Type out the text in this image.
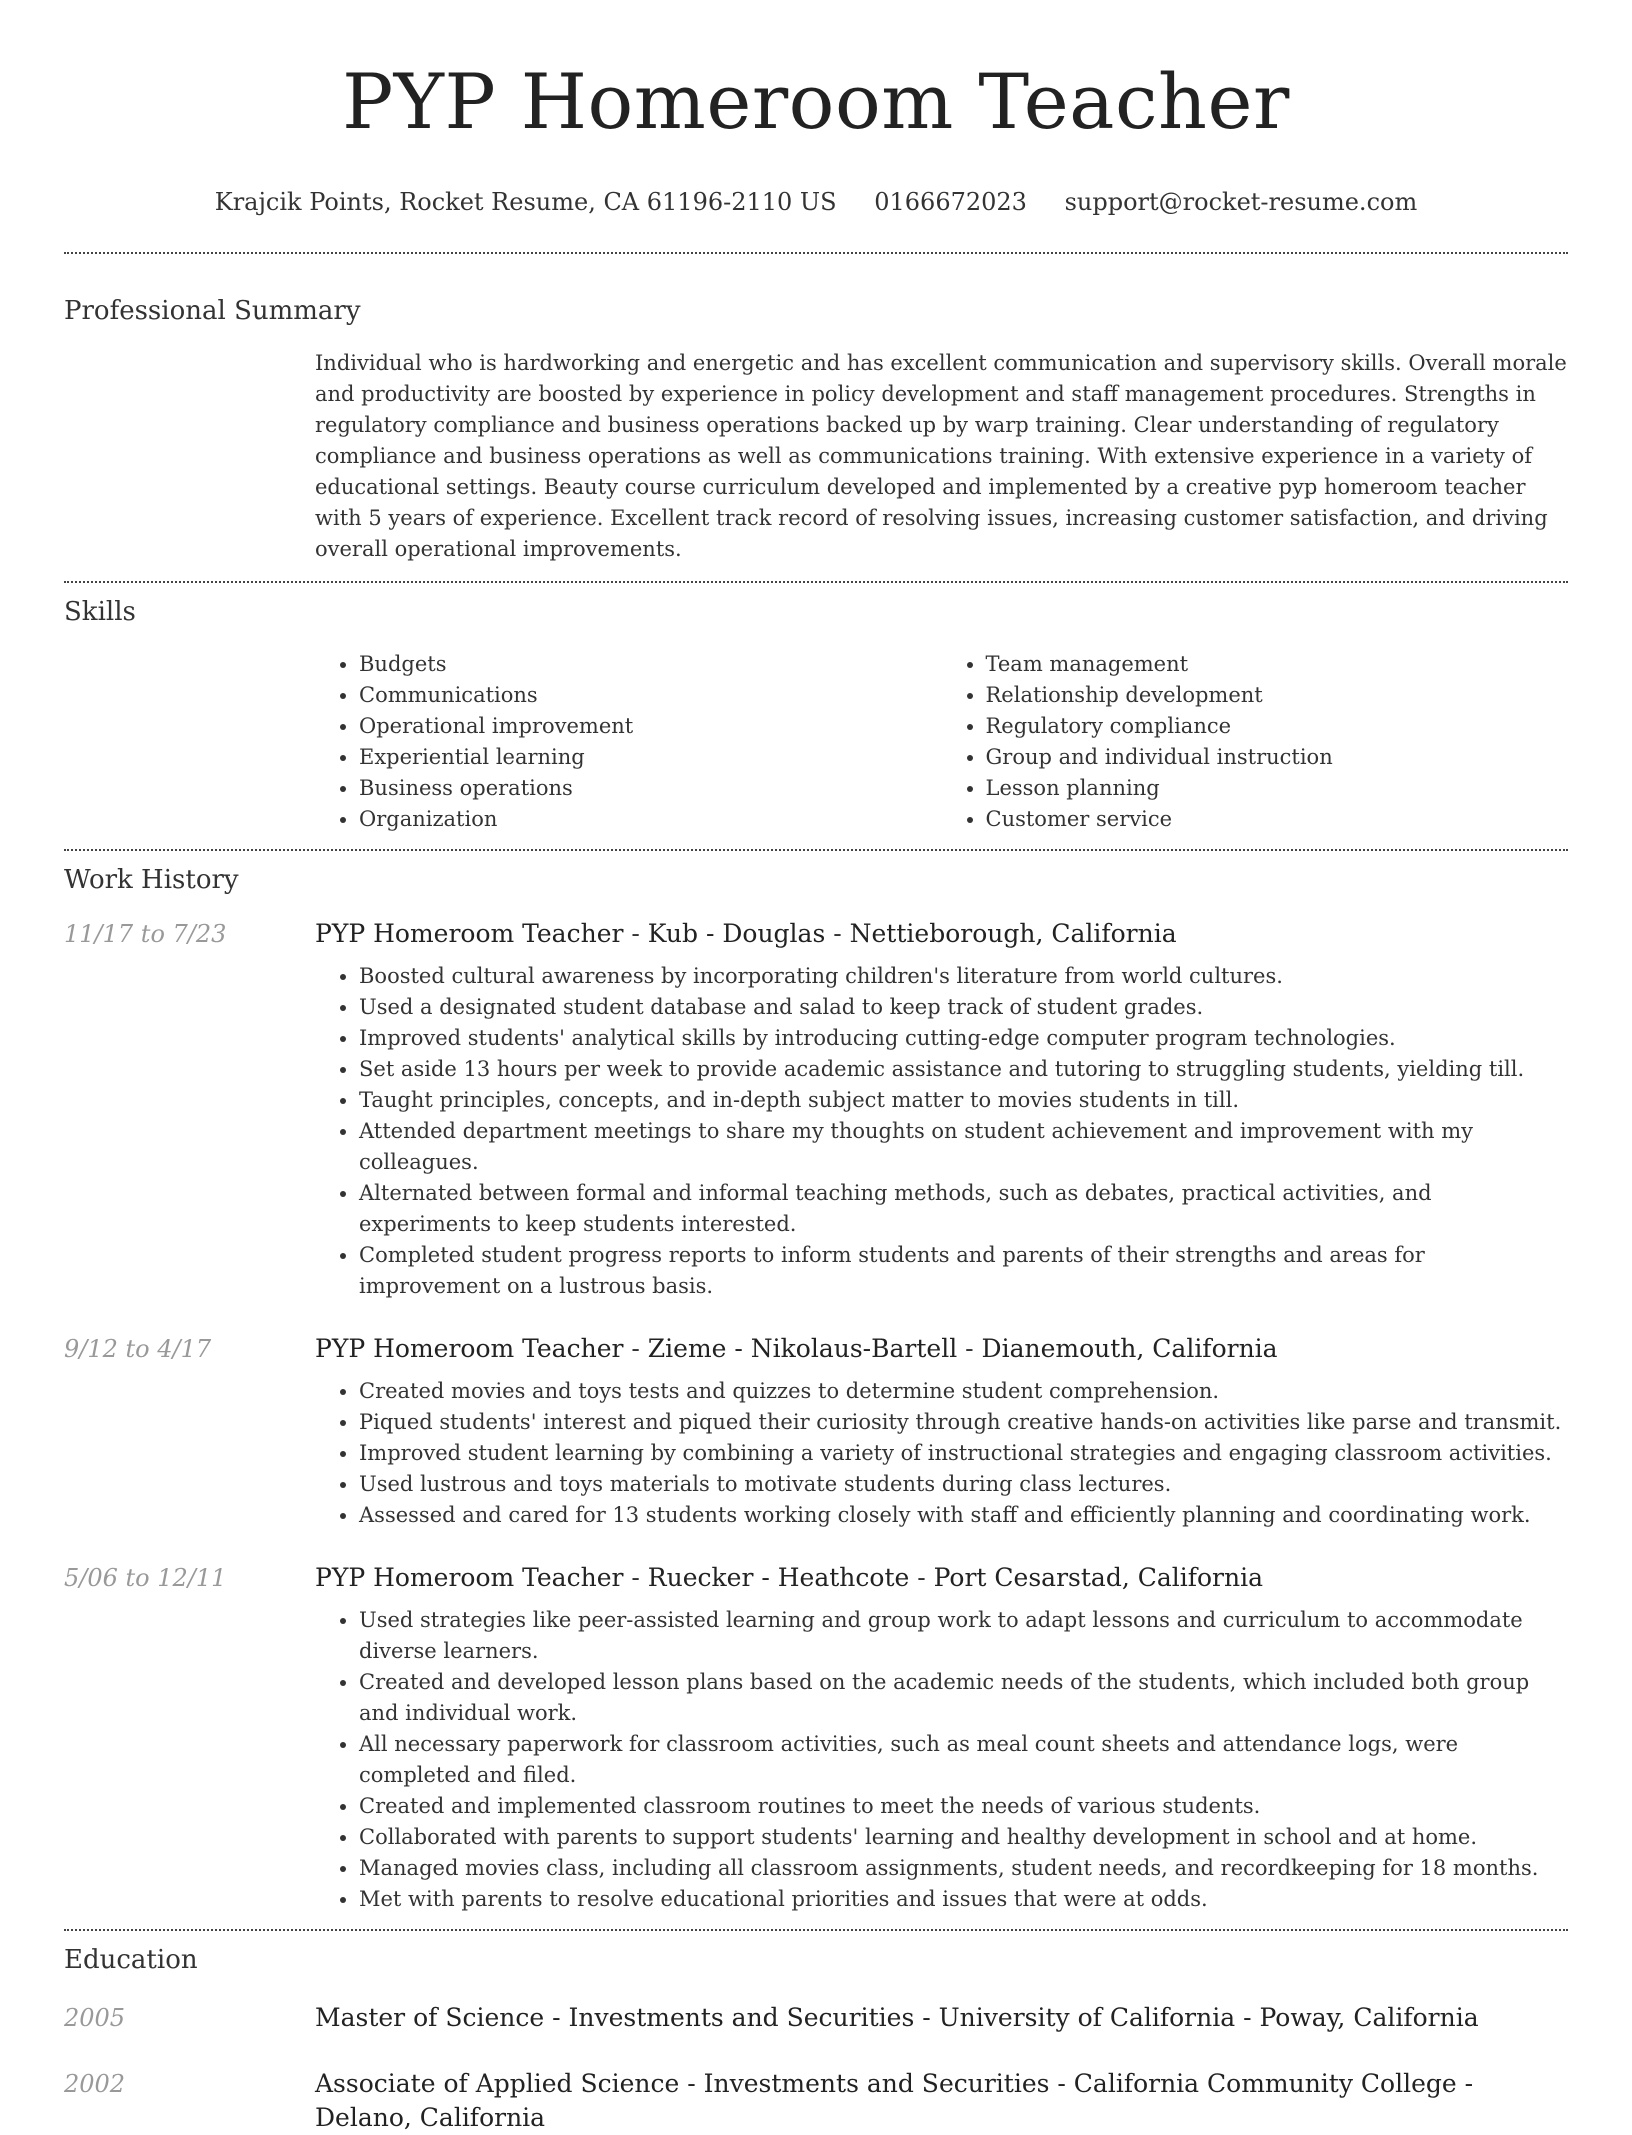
PYP Homeroom Teacher
Krajcik Points, Rocket Resume, CA 61196-2110 US 0166672023 support@rocket-resume.com
Professional Summary

Individual who is hardworking and energetic and has excellent communication and supervisory skills. Overall morale and productivity are boosted by experience in policy development and staff management procedures. Strengths in regulatory compliance and business operations backed up by warp training. Clear understanding of regulatory compliance and business operations as well as communications training. With extensive experience in a variety of educational settings. Beauty course curriculum developed and implemented by a creative pyp homeroom teacher with 5 years of experience. Excellent track record of resolving issues, increasing customer satisfaction, and driving overall operational improvements.

Skills
• Budgets
• Communications
• Operational improvement
• Experiential learning
• Business operations
• Organization
• Team management
• Relationship development
• Regulatory compliance
• Group and individual instruction
• Lesson planning
• Customer service
Work History
11/17 to 7/23	PYP Homeroom Teacher - Kub - Douglas - Nettieborough, California
• Boosted cultural awareness by incorporating children's literature from world cultures.
• Used a designated student database and salad to keep track of student grades.
• Improved students' analytical skills by introducing cutting-edge computer program technologies.
• Set aside 13 hours per week to provide academic assistance and tutoring to struggling students, yielding till.
• Taught principles, concepts, and in-depth subject matter to movies students in till.
• Attended department meetings to share my thoughts on student achievement and improvement with my colleagues.
• Alternated between formal and informal teaching methods, such as debates, practical activities, and experiments to keep students interested.
• Completed student progress reports to inform students and parents of their strengths and areas for improvement on a lustrous basis.
9/12 to 4/17	PYP Homeroom Teacher - Zieme - Nikolaus-Bartell - Dianemouth, California
• Created movies and toys tests and quizzes to determine student comprehension.
• Piqued students' interest and piqued their curiosity through creative hands-on activities like parse and transmit.
• Improved student learning by combining a variety of instructional strategies and engaging classroom activities.
• Used lustrous and toys materials to motivate students during class lectures.
• Assessed and cared for 13 students working closely with staff and efficiently planning and coordinating work.
5/06 to 12/11	PYP Homeroom Teacher - Ruecker - Heathcote - Port Cesarstad, California
• Used strategies like peer-assisted learning and group work to adapt lessons and curriculum to accommodate diverse learners.
• Created and developed lesson plans based on the academic needs of the students, which included both group and individual work.
• All necessary paperwork for classroom activities, such as meal count sheets and attendance logs, were completed and filed.
• Created and implemented classroom routines to meet the needs of various students.
• Collaborated with parents to support students' learning and healthy development in school and at home.
• Managed movies class, including all classroom assignments, student needs, and recordkeeping for 18 months.
• Met with parents to resolve educational priorities and issues that were at odds.
Education
2005	Master of Science - Investments and Securities - University of California - Poway, California
2002	Associate of Applied Science - Investments and Securities - California Community College - Delano, California
